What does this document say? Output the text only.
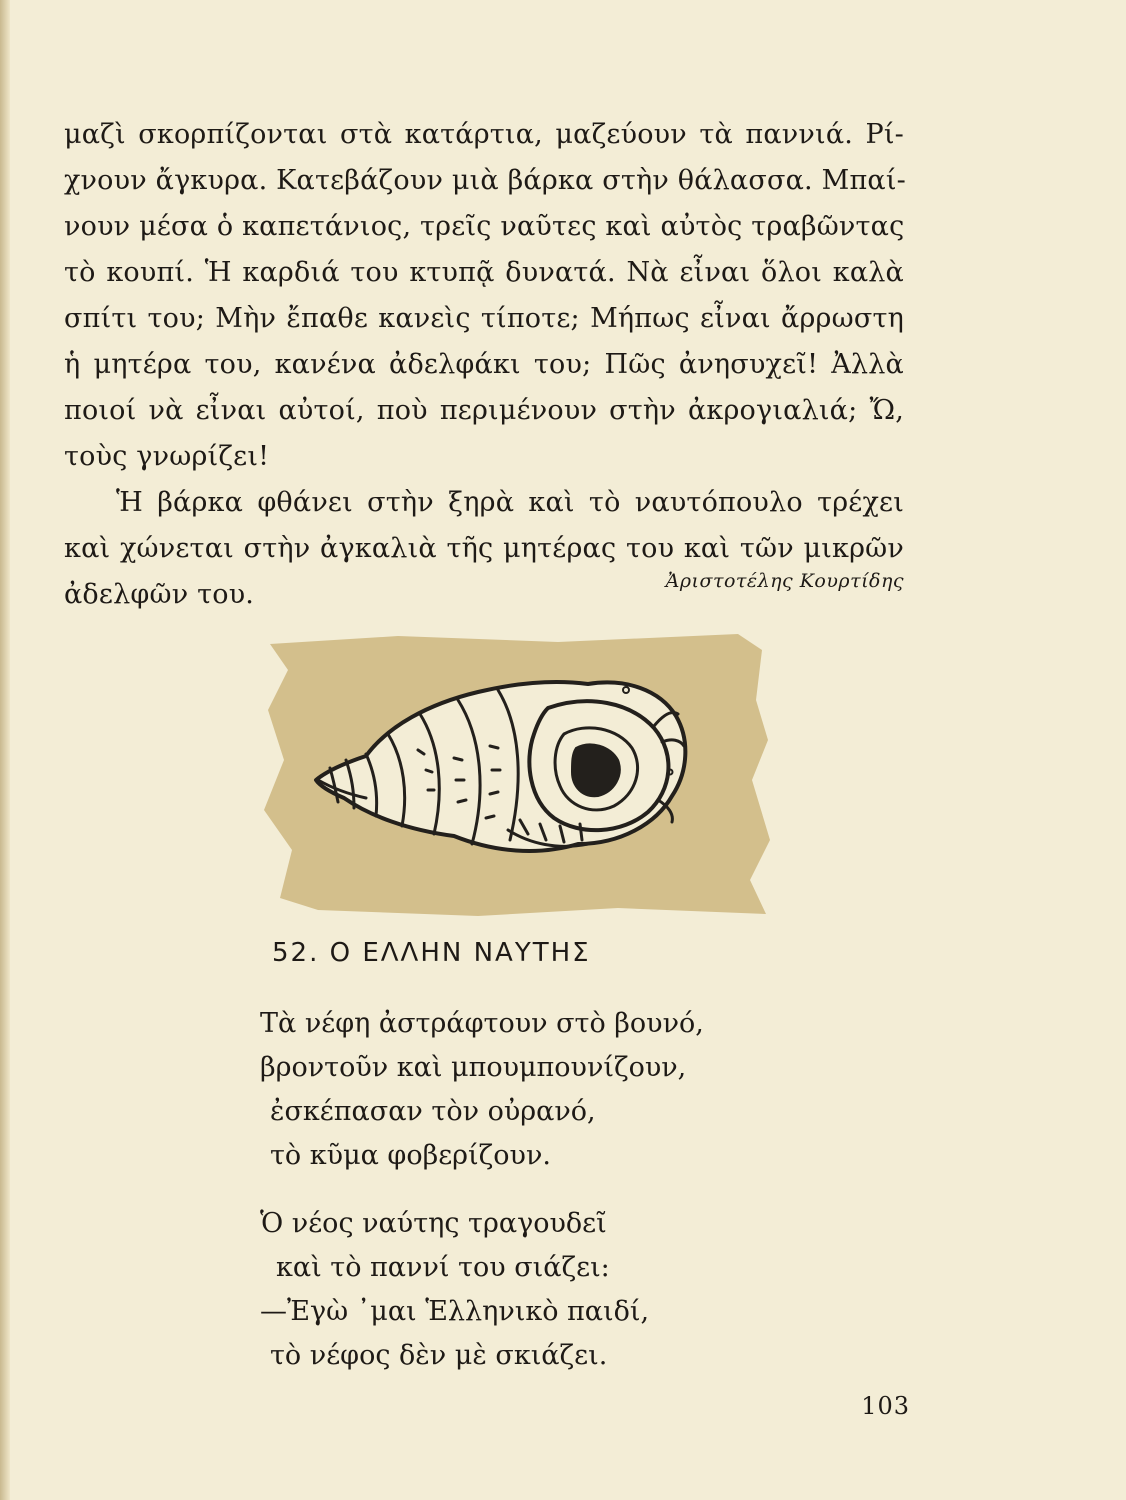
μαζὶ σκορπίζονται στὰ κατάρτια, μαζεύουν τὰ παννιά. Ρί-
χνουν ἄγκυρα. Κατεβάζουν μιὰ βάρκα στὴν θάλασσα. Μπαί-
νουν μέσα ὁ καπετάνιος, τρεῖς ναῦτες καὶ αὐτὸς τραβῶντας
τὸ κουπί. Ἡ καρδιά του κτυπᾷ δυνατά. Νὰ εἶναι ὅλοι καλὰ
σπίτι του; Μὴν ἔπαθε κανεὶς τίποτε; Μήπως εἶναι ἄρρωστη
ἡ μητέρα του, κανένα ἀδελφάκι του; Πῶς ἀνησυχεῖ! Ἀλλὰ
ποιοί νὰ εἶναι αὐτοί, ποὺ περιμένουν στὴν ἀκρογιαλιά; Ὤ,
τοὺς γνωρίζει!
Ἡ βάρκα φθάνει στὴν ξηρὰ καὶ τὸ ναυτόπουλο τρέχει
καὶ χώνεται στὴν ἀγκαλιὰ τῆς μητέρας του καὶ τῶν μικρῶν
ἀδελφῶν του.	Ἀριστοτέλης Κουρτίδης
52. Ο ΕΛΛΗΝ ΝΑΥΤΗΣ
Τὰ νέφη ἀστράφτουν στὸ βουνό,
βροντοῦν καὶ μπουμπουνίζουν,
ἐσκέπασαν τὸν οὐρανό,
τὸ κῦμα φοβερίζουν.
Ὁ νέος ναύτης τραγουδεῖ
καὶ τὸ παννί του σιάζει:
—Ἐγὼ ᾿μαι Ἑλληνικὸ παιδί,
τὸ νέφος δὲν μὲ σκιάζει.
103
